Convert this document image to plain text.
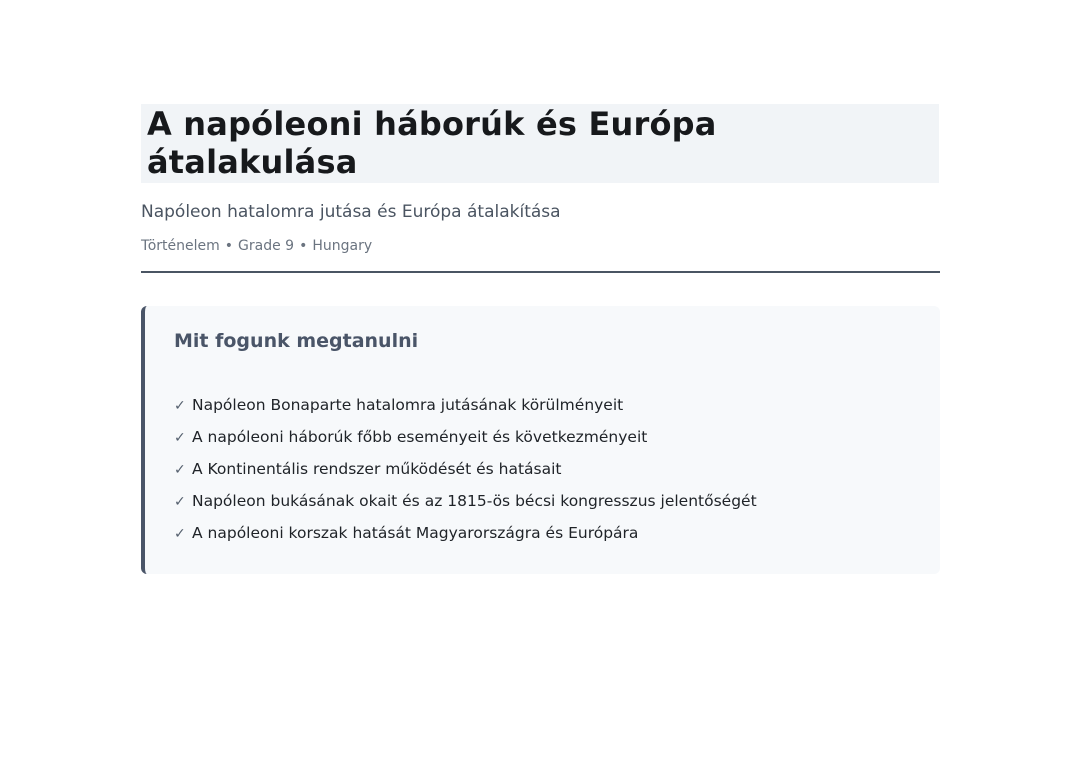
A napóleoni háborúk és Európa átalakulása
Napóleon hatalomra jutása és Európa átalakítása
Történelem • Grade 9 • Hungary
Mit fogunk megtanulni
✓ Napóleon Bonaparte hatalomra jutásának körülményeit
✓ A napóleoni háborúk főbb eseményeit és következményeit
✓ A Kontinentális rendszer működését és hatásait
✓ Napóleon bukásának okait és az 1815-ös bécsi kongresszus jelentőségét
✓ A napóleoni korszak hatását Magyarországra és Európára
